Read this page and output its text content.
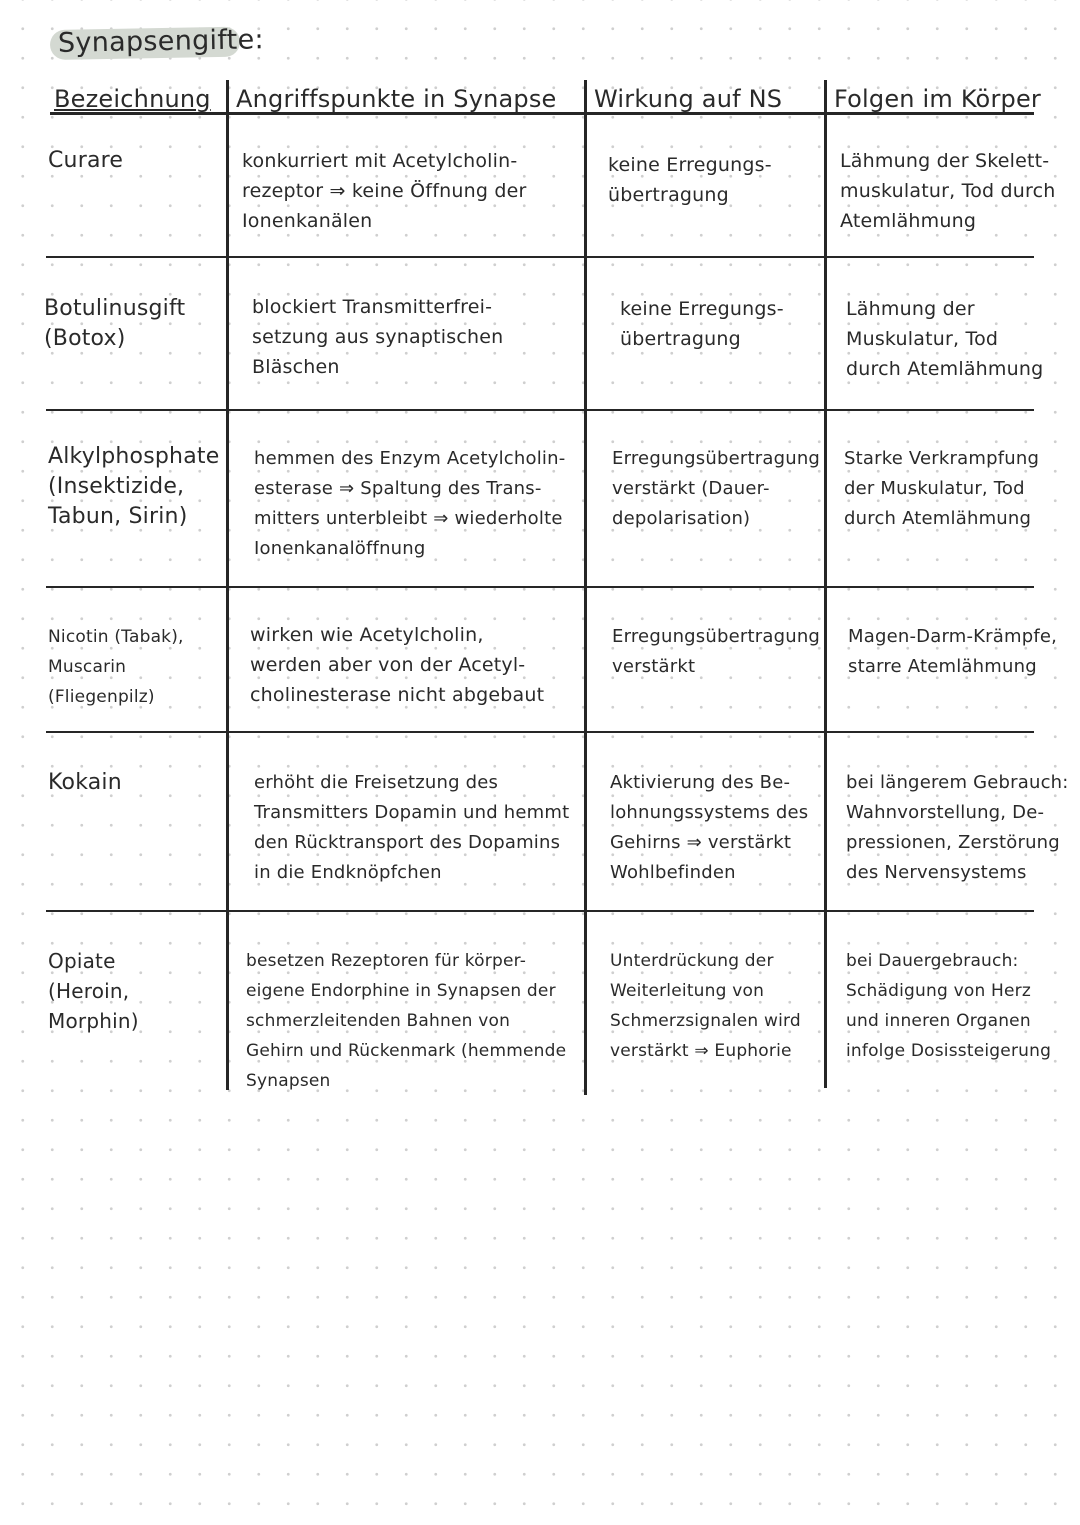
Synapsengifte:
Bezeichnung Angriffspunkte in Synapse Wirkung auf NS Folgen im Körper
Curare	konkurriert mit Acetylcholin-
rezeptor ⇒ keine Öffnung der
Ionenkanälen
keine Erregungs-
übertragung
Lähmung der Skelett-
muskulatur, Tod durch
Atemlähmung
Botulinusgift
(Botox)
blockiert Transmitterfrei-
setzung aus synaptischen
Bläschen
keine Erregungs-
übertragung
Lähmung der
Muskulatur, Tod
durch Atemlähmung
Alkylphosphate
(Insektizide,
Tabun, Sirin)
hemmen des Enzym Acetylcholin-
esterase ⇒ Spaltung des Trans-
mitters unterbleibt ⇒ wiederholte
Ionenkanalöffnung
Erregungsübertragung
verstärkt (Dauer-
depolarisation)
Starke Verkrampfung
der Muskulatur, Tod
durch Atemlähmung
Nicotin (Tabak),
Muscarin (Fliegenpilz)
wirken wie Acetylcholin,
werden aber von der Acetyl-
cholinesterase nicht abgebaut
Erregungsübertragung
verstärkt
Magen-Darm-Krämpfe,
starre Atemlähmung
Kokain	erhöht die Freisetzung des
Transmitters Dopamin und hemmt
den Rücktransport des Dopamins
in die Endknöpfchen
Aktivierung des Be-
lohnungssystems des
Gehirns ⇒ verstärkt
Wohlbefinden
bei längerem Gebrauch:
Wahnvorstellung, De-
pressionen, Zerstörung
des Nervensystems
Opiate
(Heroin, Morphin)
besetzen Rezeptoren für körper-
eigene Endorphine in Synapsen der
schmerzleitenden Bahnen von
Gehirn und Rückenmark (hemmende
Synapsen
Unterdrückung der
Weiterleitung von
Schmerzsignalen wird
verstärkt ⇒ Euphorie
bei Dauergebrauch:
Schädigung von Herz
und inneren Organen
infolge Dosissteigerung
